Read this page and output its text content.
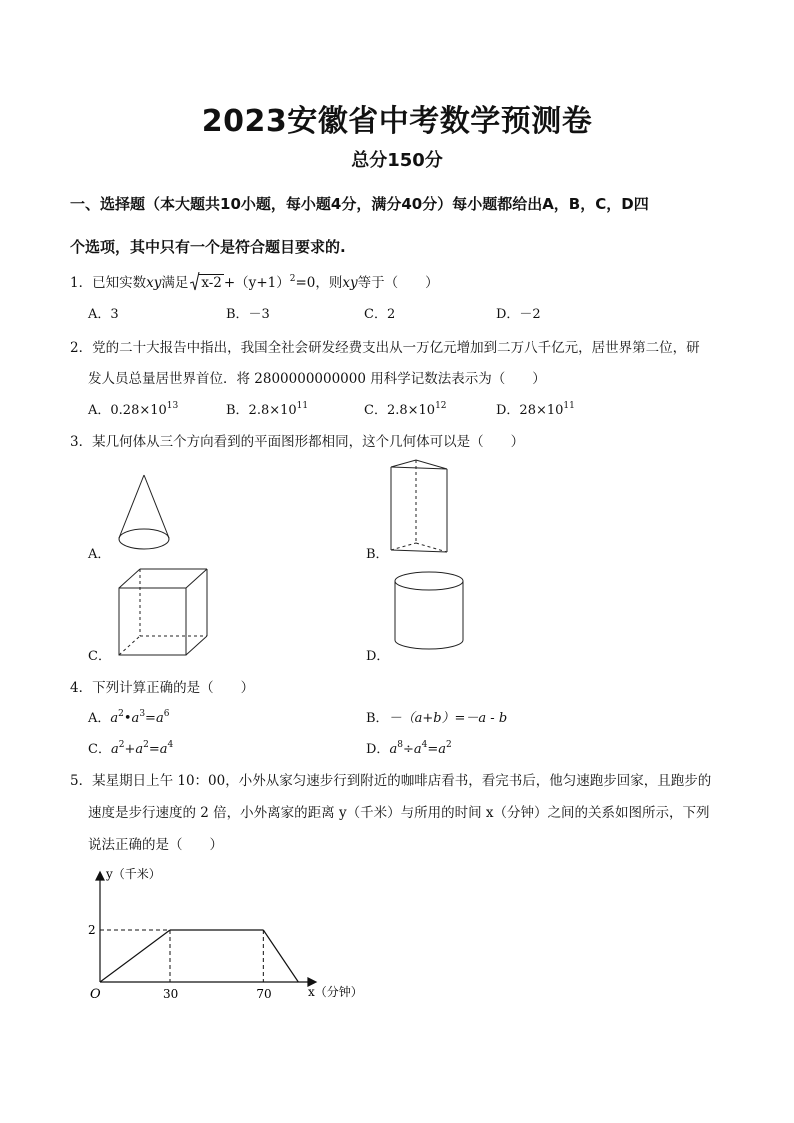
2023安徽省中考数学预测卷
总分150分
一、选择题（本大题共10小题，每小题4分，满分40分）每小题都给出A，B，C，D四
个选项，其中只有一个是符合题目要求的.
1．已知实数xy满足 $x-2 +(y+1)^2=0$，则xy等于（　　）
A．3	B．－3	C．2	D．－2
2．党的二十大报告中指出，我国全社会研发经费支出从一万亿元增加到二万八千亿元，居世界第二位，研
发人员总量居世界首位．将 2800000000000 用科学记数法表示为（　　）
A．$0.28\times 10^{13}$	B．$2.8\times 10^{11}$	C．$2.8\times 10^{12}$	D．$28\times 10^{11}$
3．某几何体从三个方向看到的平面图形都相同，这个几何体可以是（　　）
A．	B．
C．	D．
4．下列计算正确的是（　　）
A．$a^2•a^3=a^6$	B．－（a+b）=－a - b
C．$a^2+a^2=a^4$	D．$a^8\div a^4=a^2$
5．某星期日上午 10：00，小外从家匀速步行到附近的咖啡店看书，看完书后，他匀速跑步回家，且跑步的
速度是步行速度的 2 倍，小外离家的距离 y（千米）与所用的时间 x（分钟）之间的关系如图所示，下列
说法正确的是（　　）
y（千米）
x（分钟）
O	30	70
2
